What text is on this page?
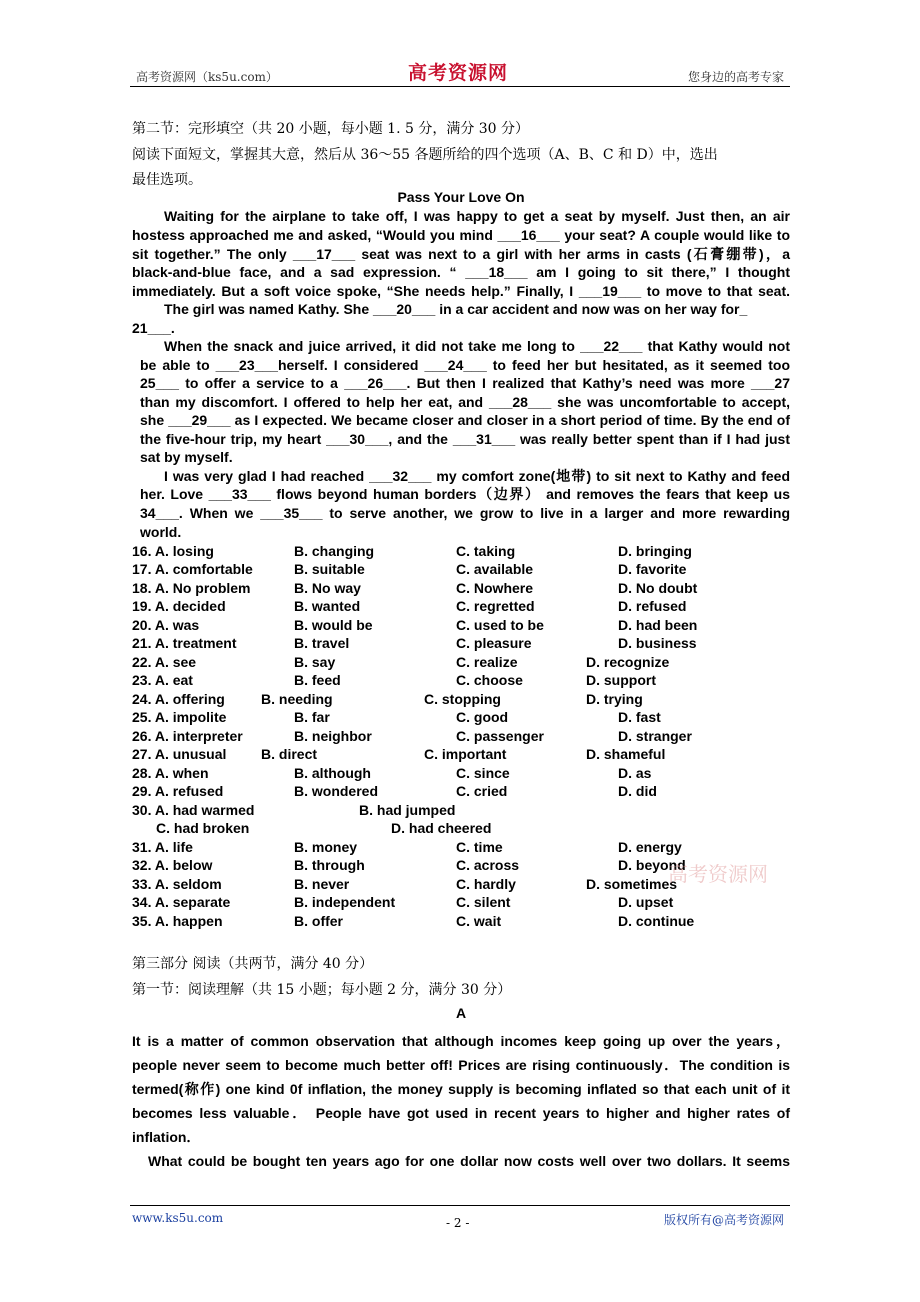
高考资源网（ks5u.com）	高考资源网	您身边的高考专家
第二节：完形填空（共 20 小题，每小题 1. 5 分，满分 30 分）
阅读下面短文，掌握其大意，然后从 36～55 各题所给的四个选项（A、B、C 和 D）中，选出
最佳选项。
Pass Your Love On
Waiting for the airplane to take off, I was happy to get a seat by myself. Just then, an air
hostess approached me and asked, “Would you mind ___16___ your seat? A couple would like to
sit together.” The only ___17___ seat was next to a girl with her arms in casts (石膏绷带)，a
black-and-blue face, and a sad expression. “ ___18___ am I going to sit there,” I thought
immediately. But a soft voice spoke, “She needs help.” Finally, I ___19___ to move to that seat.
The girl was named Kathy. She ___20___ in a car accident and now was on her way for_
21___.
When the snack and juice arrived, it did not take me long to ___22___ that Kathy would not
be able to ___23___herself. I considered ___24___ to feed her but hesitated, as it seemed too
25___ to offer a service to a ___26___. But then I realized that Kathy’s need was more ___27
than my discomfort. I offered to help her eat, and ___28___ she was uncomfortable to accept,
she ___29___ as I expected. We became closer and closer in a short period of time. By the end of
the five-hour trip, my heart ___30___, and the ___31___ was really better spent than if I had just
sat by myself.
I was very glad I had reached ___32___ my comfort zone(地带) to sit next to Kathy and feed
her. Love ___33___ flows beyond human borders（边界） and removes the fears that keep us
34___. When we ___35___ to serve another, we grow to live in a larger and more rewarding
world.
16. A. losing	B. changing	C. taking	D. bringing
17. A. comfortable	B. suitable	C. available	D. favorite
18. A. No problem	B. No way	C. Nowhere	D. No doubt
19. A. decided	B. wanted	C. regretted	D. refused
20. A. was	B. would be	C. used to be	D. had been
21. A. treatment	B. travel	C. pleasure	D. business
22. A. see	B. say	C. realize	D. recognize
23. A. eat	B. feed	C. choose	D. support
24. A. offering	B. needing	C. stopping	D. trying
25. A. impolite	B. far	C. good	D. fast
26. A. interpreter	B. neighbor	C. passenger	D. stranger
27. A. unusual B. direct	C. important	D. shameful
28. A. when	B. although	C. since	D. as
29. A. refused	B. wondered	C. cried	D. did
30. A. had warmed	B. had jumped
C. had broken	D. had cheered
31. A. life	B. money	C. time	D. energy
32. A. below	B. through	C. across	D. beyond
33. A. seldom	B. never	C. hardly	D. sometimes
34. A. separate	B. independent	C. silent	D. upset
35. A. happen	B. offer	C. wait	D. continue
高考资源网
第三部分 阅读（共两节，满分 40 分）
第一节：阅读理解（共 15 小题；每小题 2 分，满分 30 分）
A
It is a matter of common observation that although incomes keep going up over the years，
people never seem to become much better off! Prices are rising continuously．The condition is
termed(称作) one kind 0f inflation, the money supply is becoming inflated so that each unit of it
becomes less valuable． People have got used in recent years to higher and higher rates of
inflation．
What could be bought ten years ago for one dollar now costs well over two dollars. It seems
www.ks5u.com	- 2 -	版权所有@高考资源网
